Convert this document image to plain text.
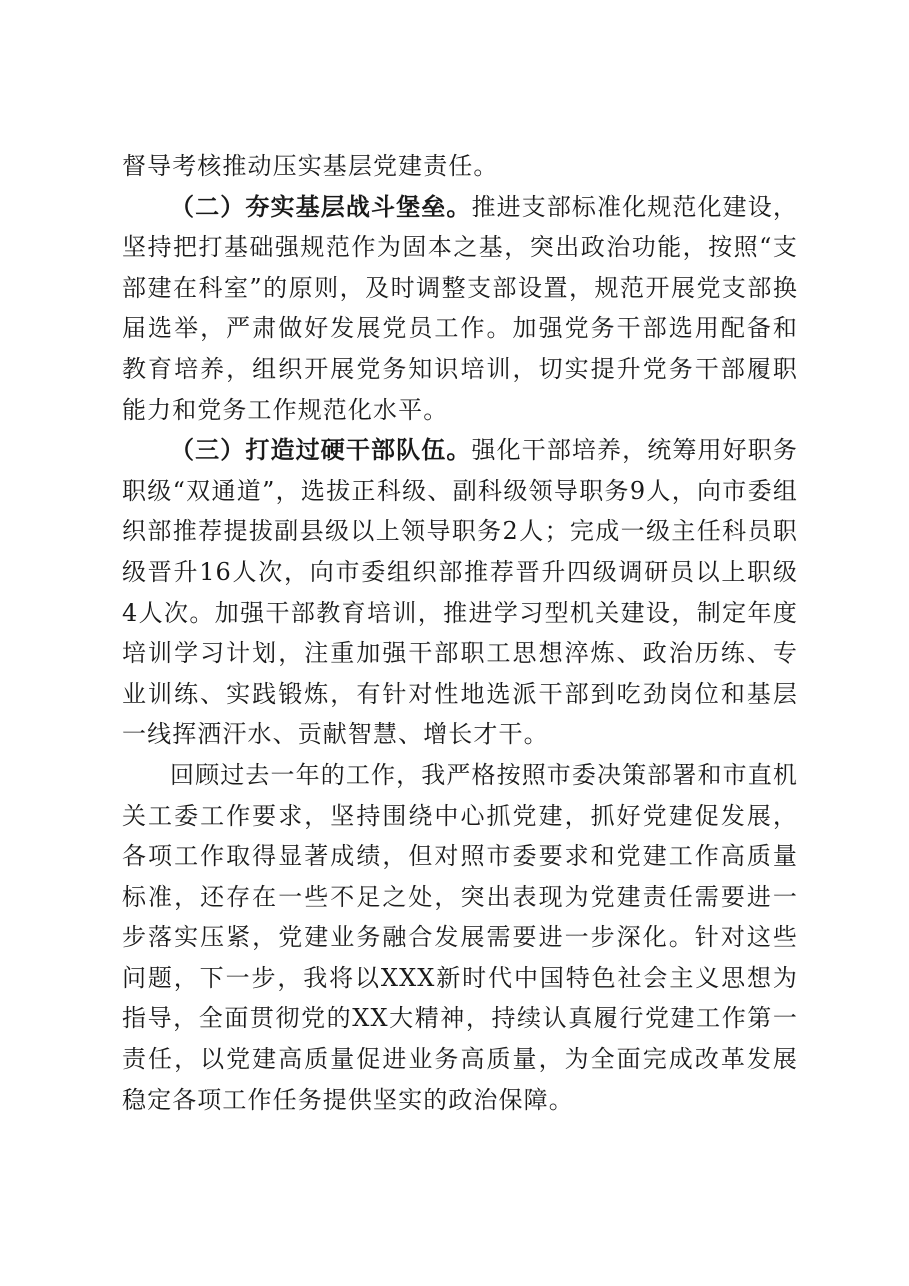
督导考核推动压实基层党建责任。

（二）夯实基层战斗堡垒。推进支部标准化规范化建设，坚持把打基础强规范作为固本之基，突出政治功能，按照“支部建在科室”的原则，及时调整支部设置，规范开展党支部换届选举，严肃做好发展党员工作。加强党务干部选用配备和教育培养，组织开展党务知识培训，切实提升党务干部履职能力和党务工作规范化水平。

（三）打造过硬干部队伍。强化干部培养，统筹用好职务职级“双通道”，选拔正科级、副科级领导职务9人，向市委组织部推荐提拔副县级以上领导职务2人；完成一级主任科员职级晋升16人次，向市委组织部推荐晋升四级调研员以上职级4人次。加强干部教育培训，推进学习型机关建设，制定年度培训学习计划，注重加强干部职工思想淬炼、政治历练、专业训练、实践锻炼，有针对性地选派干部到吃劲岗位和基层一线挥洒汗水、贡献智慧、增长才干。

回顾过去一年的工作，我严格按照市委决策部署和市直机关工委工作要求，坚持围绕中心抓党建，抓好党建促发展，各项工作取得显著成绩，但对照市委要求和党建工作高质量标准，还存在一些不足之处，突出表现为党建责任需要进一步落实压紧，党建业务融合发展需要进一步深化。针对这些问题，下一步，我将以XXX新时代中国特色社会主义思想为指导，全面贯彻党的XX大精神，持续认真履行党建工作第一责任，以党建高质量促进业务高质量，为全面完成改革发展稳定各项工作任务提供坚实的政治保障。
